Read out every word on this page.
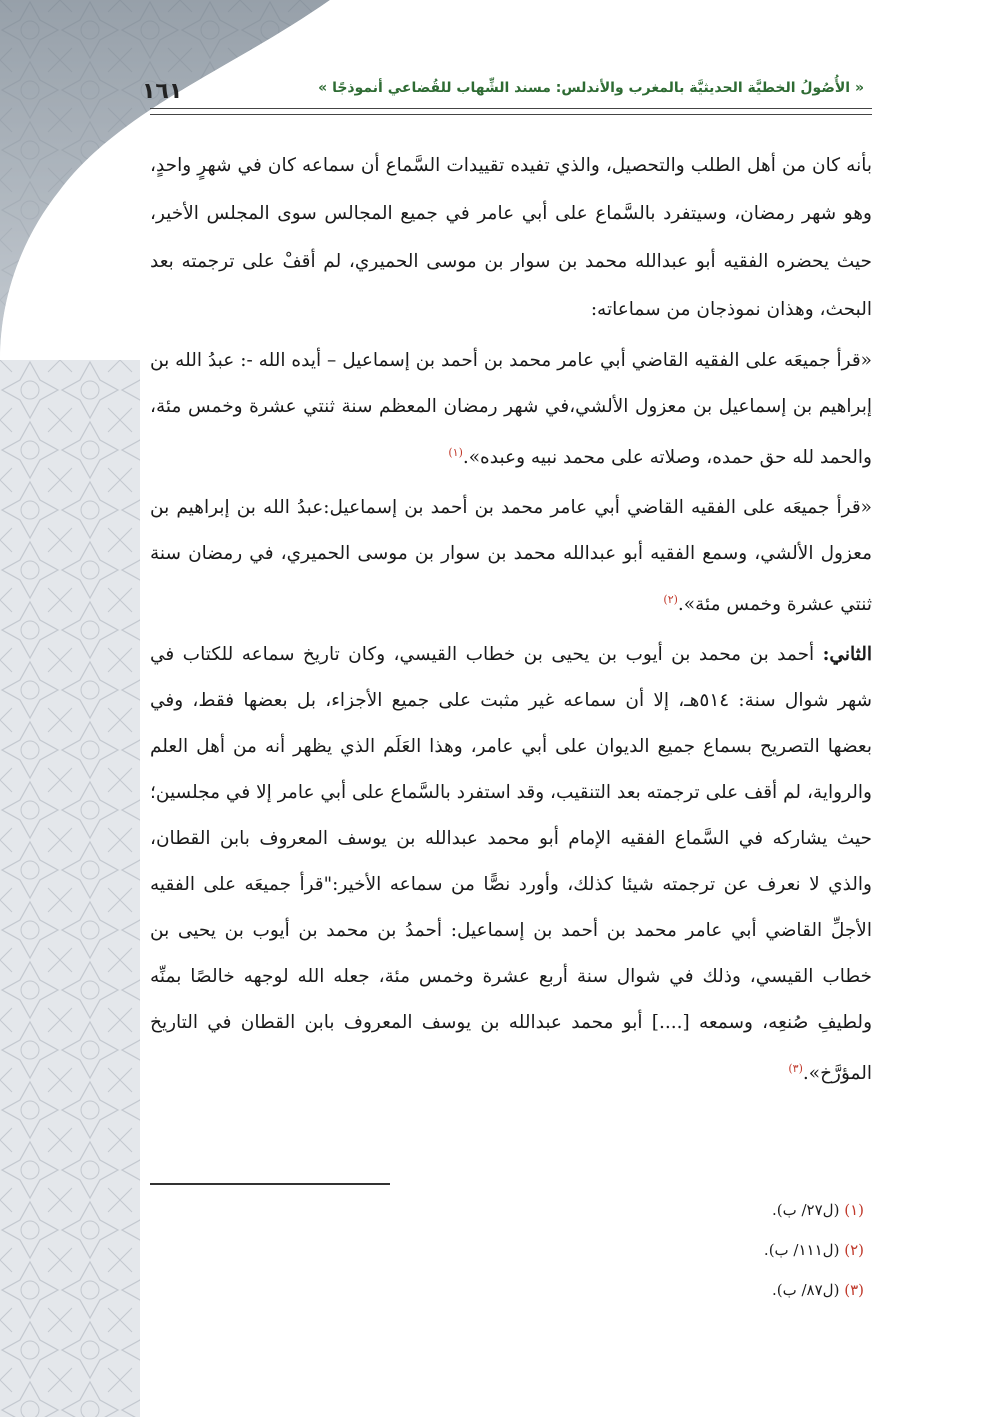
١٦١	« الأُصُولُ الخطيَّة الحديثيَّة بالمغرب والأندلس: مسند الشِّهاب للقُضاعي أنموذجًا »

بأنه كان من أهل الطلب والتحصيل، والذي تفيده تقييدات السَّماع أن سماعه كان في شهرٍ واحدٍ، وهو شهر رمضان، وسيتفرد بالسَّماع على أبي عامر في جميع المجالس سوى المجلس الأخير، حيث يحضره الفقيه أبو عبدالله محمد بن سوار بن موسى الحميري، لم أقفْ على ترجمته بعد البحث، وهذان نموذجان من سماعاته:

«قرأ جميعَه على الفقيه القاضي أبي عامر محمد بن أحمد بن إسماعيل – أيده الله -: عبدُ الله بن إبراهيم بن إسماعيل بن معزول الألشي،في شهر رمضان المعظم سنة ثنتي عشرة وخمس مئة، والحمد لله حق حمده، وصلاته على محمد نبيه وعبده».$^{(١)}$

«قرأ جميعَه على الفقيه القاضي أبي عامر محمد بن أحمد بن إسماعيل:عبدُ الله بن إبراهيم بن معزول الألشي، وسمع الفقيه أبو عبدالله محمد بن سوار بن موسى الحميري، في رمضان سنة ثنتي عشرة وخمس مئة».$^{(٢)}$

الثاني: أحمد بن محمد بن أيوب بن يحيى بن خطاب القيسي، وكان تاريخ سماعه للكتاب في شهر شوال سنة: ٥١٤هـ، إلا أن سماعه غير مثبت على جميع الأجزاء، بل بعضها فقط، وفي بعضها التصريح بسماع جميع الديوان على أبي عامر، وهذا العَلَم الذي يظهر أنه من أهل العلم والرواية، لم أقف على ترجمته بعد التنقيب، وقد استفرد بالسَّماع على أبي عامر إلا في مجلسين؛ حيث يشاركه في السَّماع الفقيه الإمام أبو محمد عبدالله بن يوسف المعروف بابن القطان، والذي لا نعرف عن ترجمته شيئا كذلك، وأورد نصًّا من سماعه الأخير:"قرأ جميعَه على الفقيه الأجلِّ القاضي أبي عامر محمد بن أحمد بن إسماعيل: أحمدُ بن محمد بن أيوب بن يحيى بن خطاب القيسي، وذلك في شوال سنة أربع عشرة وخمس مئة، جعله الله لوجهه خالصًا بمنِّه ولطيفِ صُنعِه، وسمعه [....] أبو محمد عبدالله بن يوسف المعروف بابن القطان في التاريخ المؤرَّخ».$^{(٣)}$

(١) (ل٢٧/ ب).
(٢) (ل١١١/ ب).
(٣) (ل٨٧/ ب).
